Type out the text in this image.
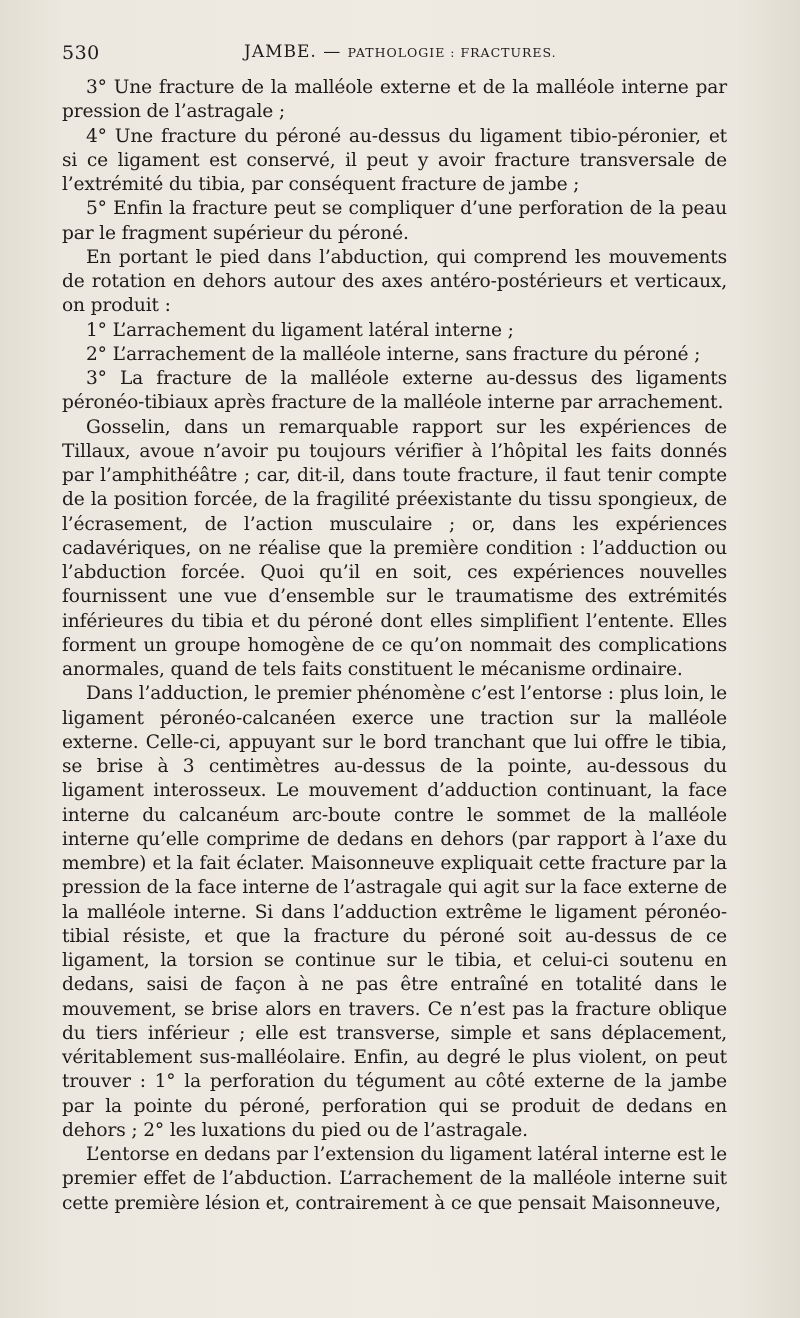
530	JAMBE. — PATHOLOGIE : FRACTURES.

3° Une fracture de la malléole externe et de la malléole interne par pression de l’astragale ;

4° Une fracture du péroné au-dessus du ligament tibio-péronier, et si ce ligament est conservé, il peut y avoir fracture transversale de l’extrémité du tibia, par conséquent fracture de jambe ;

5° Enfin la fracture peut se compliquer d’une perforation de la peau par le fragment supérieur du péroné.

En portant le pied dans l’abduction, qui comprend les mouvements de rotation en dehors autour des axes antéro-postérieurs et verticaux, on produit :

1° L’arrachement du ligament latéral interne ;

2° L’arrachement de la malléole interne, sans fracture du péroné ;

3° La fracture de la malléole externe au-dessus des ligaments péronéo-tibiaux après fracture de la malléole interne par arrachement.

Gosselin, dans un remarquable rapport sur les expériences de Tillaux, avoue n’avoir pu toujours vérifier à l’hôpital les faits donnés par l’amphithéâtre ; car, dit-il, dans toute fracture, il faut tenir compte de la position forcée, de la fragilité préexistante du tissu spongieux, de l’écrasement, de l’action musculaire ; or, dans les expériences cadavériques, on ne réalise que la première condition : l’adduction ou l’abduction forcée. Quoi qu’il en soit, ces expériences nouvelles fournissent une vue d’ensemble sur le traumatisme des extrémités inférieures du tibia et du péroné dont elles simplifient l’entente. Elles forment un groupe homogène de ce qu’on nommait des complications anormales, quand de tels faits constituent le mécanisme ordinaire.

Dans l’adduction, le premier phénomène c’est l’entorse : plus loin, le ligament péronéo-calcanéen exerce une traction sur la malléole externe. Celle-ci, appuyant sur le bord tranchant que lui offre le tibia, se brise à 3 centimètres au-dessus de la pointe, au-dessous du ligament interosseux. Le mouvement d’adduction continuant, la face interne du calcanéum arc-boute contre le sommet de la malléole interne qu’elle comprime de dedans en dehors (par rapport à l’axe du membre) et la fait éclater. Maisonneuve expliquait cette fracture par la pression de la face interne de l’astragale qui agit sur la face externe de la malléole interne. Si dans l’adduction extrême le ligament péronéo-tibial résiste, et que la fracture du péroné soit au-dessus de ce ligament, la torsion se continue sur le tibia, et celui-ci soutenu en dedans, saisi de façon à ne pas être entraîné en totalité dans le mouvement, se brise alors en travers. Ce n’est pas la fracture oblique du tiers inférieur ; elle est transverse, simple et sans déplacement, véritablement sus-malléolaire. Enfin, au degré le plus violent, on peut trouver : 1° la perforation du tégument au côté externe de la jambe par la pointe du péroné, perforation qui se produit de dedans en dehors ; 2° les luxations du pied ou de l’astragale.

L’entorse en dedans par l’extension du ligament latéral interne est le premier effet de l’abduction. L’arrachement de la malléole interne suit cette première lésion et, contrairement à ce que pensait Maisonneuve,
